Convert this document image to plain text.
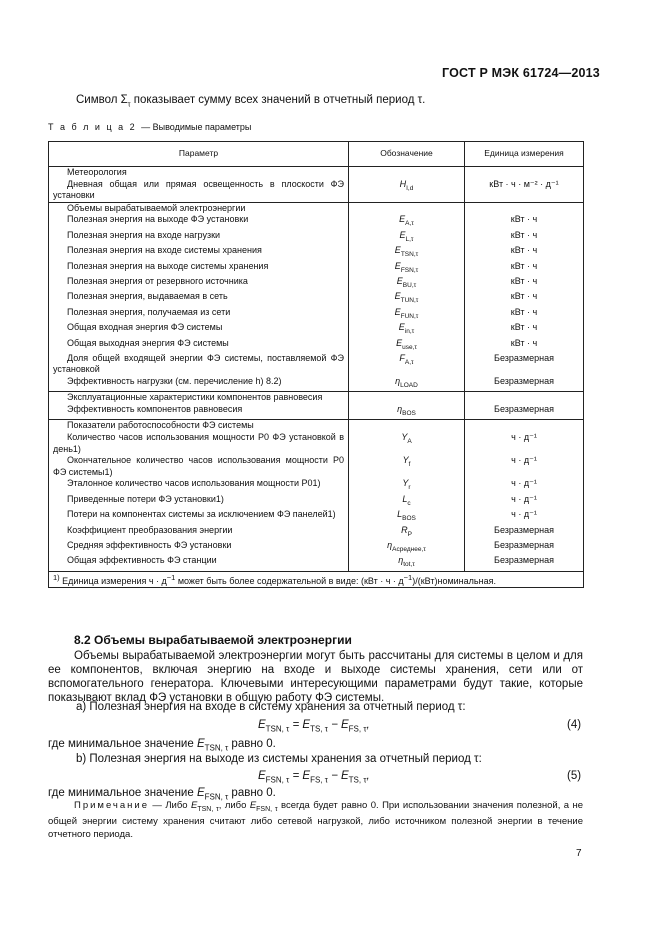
ГОСТ Р МЭК 61724—2013
Символ $\Sigma_\tau$ показывает сумму всех значений в отчетный период τ.
Т а б л и ц а 2 — Выводимые параметры
Параметр	Обозначение	Единица измерения

Метеорология		

Дневная общая или прямая освещенность в плоскости ФЭ установки	$H_{I,d}$	кВт · ч · м⁻² · д⁻¹

Объемы вырабатываемой электроэнергии		

Полезная энергия на выходе ФЭ установки	$E_{A,\tau}$	кВт · ч

Полезная энергия на входе нагрузки	$E_{L,\tau}$	кВт · ч

Полезная энергия на входе системы хранения	$E_{TSN,\tau}$	кВт · ч

Полезная энергия на выходе системы хранения	$E_{FSN,\tau}$	кВт · ч

Полезная энергия от резервного источника	$E_{BU,\tau}$	кВт · ч

Полезная энергия, выдаваемая в сеть	$E_{TUN,\tau}$	кВт · ч

Полезная энергия, получаемая из сети	$E_{FUN,\tau}$	кВт · ч

Общая входная энергия ФЭ системы	$E_{in,\tau}$	кВт · ч

Общая выходная энергия ФЭ системы	$E_{use,\tau}$	кВт · ч

Доля общей входящей энергии ФЭ системы, поставляемой ФЭ установкой	$F_{A,\tau}$	Безразмерная

Эффективность нагрузки (см. перечисление h) 8.2)	$\eta_{LOAD}$	Безразмерная

Эксплуатационные характеристики компонентов равновесия		

Эффективность компонентов равновесия	$\eta_{BOS}$	Безразмерная

Показатели работоспособности ФЭ системы		

Количество часов использования мощности P0 ФЭ установкой в день1)	$Y_A$	ч · д⁻¹

Окончательное количество часов использования мощности P0 ФЭ системы1)	$Y_f$	ч · д⁻¹

Эталонное количество часов использования мощности P01)	$Y_r$	ч · д⁻¹

Приведенные потери ФЭ установки1)	$L_c$	ч · д⁻¹

Потери на компонентах системы за исключением ФЭ панелей1)	$L_{BOS}$	ч · д⁻¹

Коэффициент преобразования энергии	$R_P$	Безразмерная

Средняя эффективность ФЭ установки	$\eta_{Aсреднее,\tau}$	Безразмерная

Общая эффективность ФЭ станции	$\eta_{tot,\tau}$	Безразмерная
$^{1)}$ Единица измерения $ч \cdot д^{-1}$ может быть более содержательной в виде: $(кВт \cdot ч \cdot д^{-1})/(кВт)номинальная$.		
8.2 Объемы вырабатываемой электроэнергии
Объемы вырабатываемой электроэнергии могут быть рассчитаны для системы в целом и для ее компонентов, включая энергию на входе и выходе системы хранения, сети или от вспомогательного генератора. Ключевыми интересующими параметрами будут такие, которые показывают вклад ФЭ установки в общую работу ФЭ системы.
a) Полезная энергия на входе в систему хранения за отчетный период τ:
$E_{TSN, \tau} = E_{TS, \tau} - E_{FS, \tau}$,	(4)
где минимальное значение $E_{TSN, \tau}$ равно 0.
b) Полезная энергия на выходе из системы хранения за отчетный период τ:
$E_{FSN, \tau} = E_{FS, \tau} - E_{TS, \tau}$,	(5)
где минимальное значение $E_{FSN, \tau}$ равно 0.
Примечание — Либо $E_{TSN, \tau}$, либо $E_{FSN, \tau}$ всегда будет равно 0. При использовании значения полезной, а не общей энергии систему хранения считают либо сетевой нагрузкой, либо источником полезной энергии в течение отчетного периода.
7
